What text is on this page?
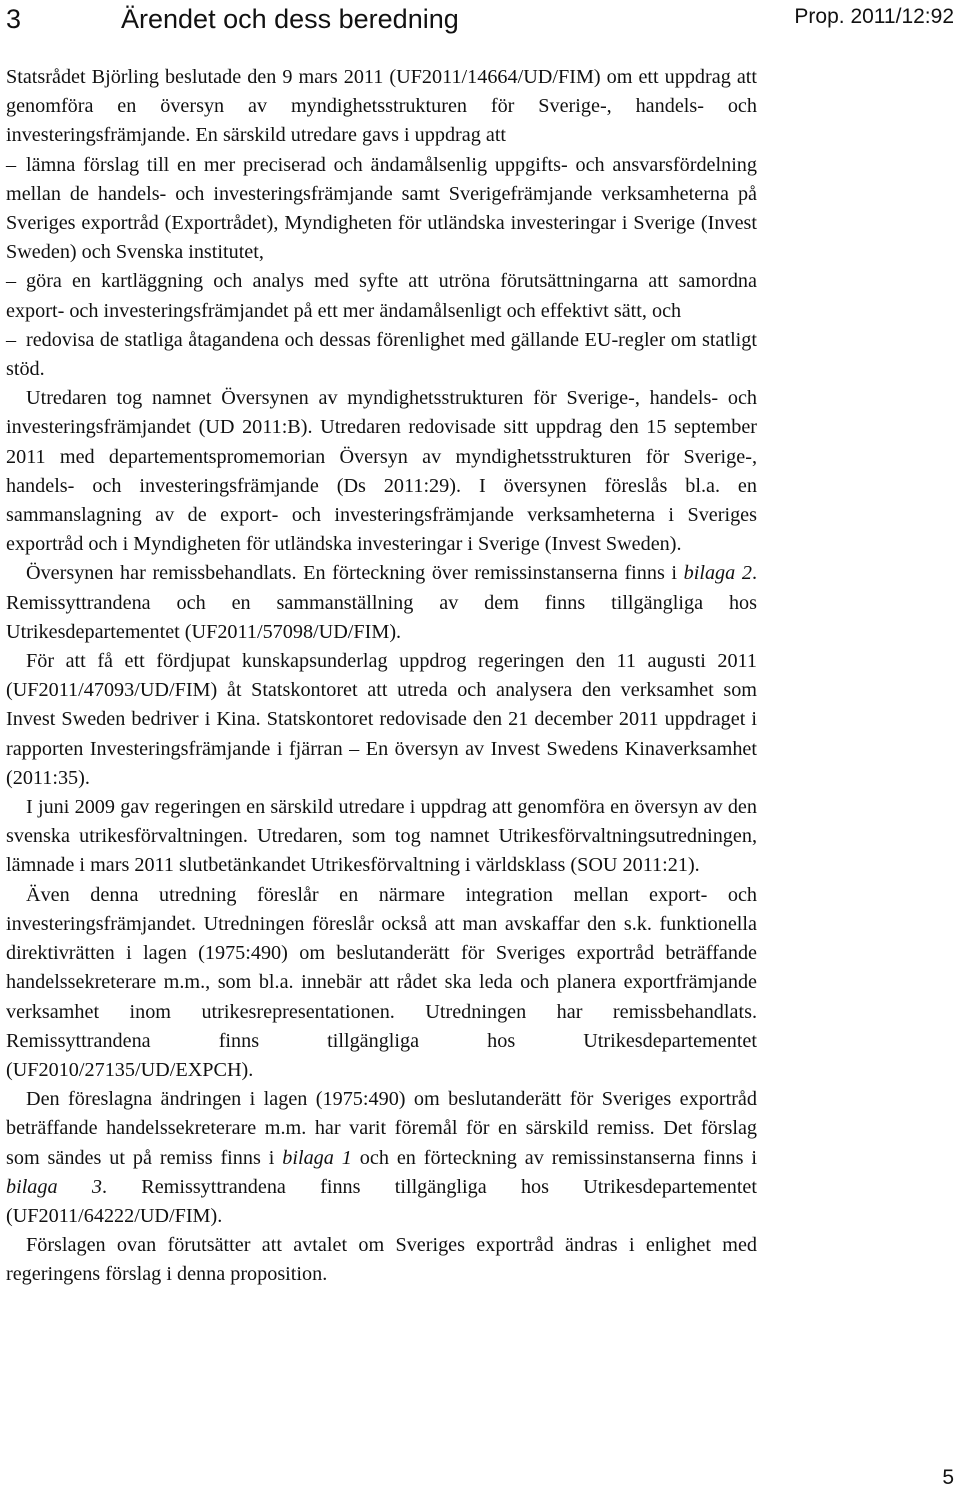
3	Ärendet och dess beredning	Prop. 2011/12:92

Statsrådet Björling beslutade den 9 mars 2011 (UF2011/14664/UD/FIM) om ett uppdrag att genomföra en översyn av myndighetsstrukturen för Sverige-, handels- och investeringsfrämjande. En särskild utredare gavs i uppdrag att

– lämna förslag till en mer preciserad och ändamålsenlig uppgifts- och ansvarsfördelning mellan de handels- och investeringsfrämjande samt Sverigefrämjande verksamheterna på Sveriges exportråd (Exportrådet), Myndigheten för utländska investeringar i Sverige (Invest Sweden) och Svenska institutet,

– göra en kartläggning och analys med syfte att utröna förutsättningarna att samordna export- och investeringsfrämjandet på ett mer ändamålsenligt och effektivt sätt, och

– redovisa de statliga åtagandena och dessas förenlighet med gällande EU-regler om statligt stöd.

Utredaren tog namnet Översynen av myndighetsstrukturen för Sverige-, handels- och investeringsfrämjandet (UD 2011:B). Utredaren redovisade sitt uppdrag den 15 september 2011 med departementspromemorian Översyn av myndighetsstrukturen för Sverige-, handels- och investeringsfrämjande (Ds 2011:29). I översynen föreslås bl.a. en sammanslagning av de export- och investeringsfrämjande verksamheterna i Sveriges exportråd och i Myndigheten för utländska investeringar i Sverige (Invest Sweden).

Översynen har remissbehandlats. En förteckning över remissinstanserna finns i bilaga 2. Remissyttrandena och en sammanställning av dem finns tillgängliga hos Utrikesdepartementet (UF2011/57098/UD/FIM).

För att få ett fördjupat kunskapsunderlag uppdrog regeringen den 11 augusti 2011 (UF2011/47093/UD/FIM) åt Statskontoret att utreda och analysera den verksamhet som Invest Sweden bedriver i Kina. Statskontoret redovisade den 21 december 2011 uppdraget i rapporten Investeringsfrämjande i fjärran – En översyn av Invest Swedens Kinaverksamhet (2011:35).

I juni 2009 gav regeringen en särskild utredare i uppdrag att genomföra en översyn av den svenska utrikesförvaltningen. Utredaren, som tog namnet Utrikesförvaltningsutredningen, lämnade i mars 2011 slutbetänkandet Utrikesförvaltning i världsklass (SOU 2011:21).

Även denna utredning föreslår en närmare integration mellan export- och investeringsfrämjandet. Utredningen föreslår också att man avskaffar den s.k. funktionella direktivrätten i lagen (1975:490) om beslutanderätt för Sveriges exportråd beträffande handelssekreterare m.m., som bl.a. innebär att rådet ska leda och planera exportfrämjande verksamhet inom utrikesrepresentationen. Utredningen har remissbehandlats. Remissyttrandena finns tillgängliga hos Utrikesdepartementet (UF2010/27135/UD/EXPCH).

Den föreslagna ändringen i lagen (1975:490) om beslutanderätt för Sveriges exportråd beträffande handelssekreterare m.m. har varit föremål för en särskild remiss. Det förslag som sändes ut på remiss finns i bilaga 1 och en förteckning av remissinstanserna finns i bilaga 3. Remissyttrandena finns tillgängliga hos Utrikesdepartementet (UF2011/64222/UD/FIM).

Förslagen ovan förutsätter att avtalet om Sveriges exportråd ändras i enlighet med regeringens förslag i denna proposition.

5
